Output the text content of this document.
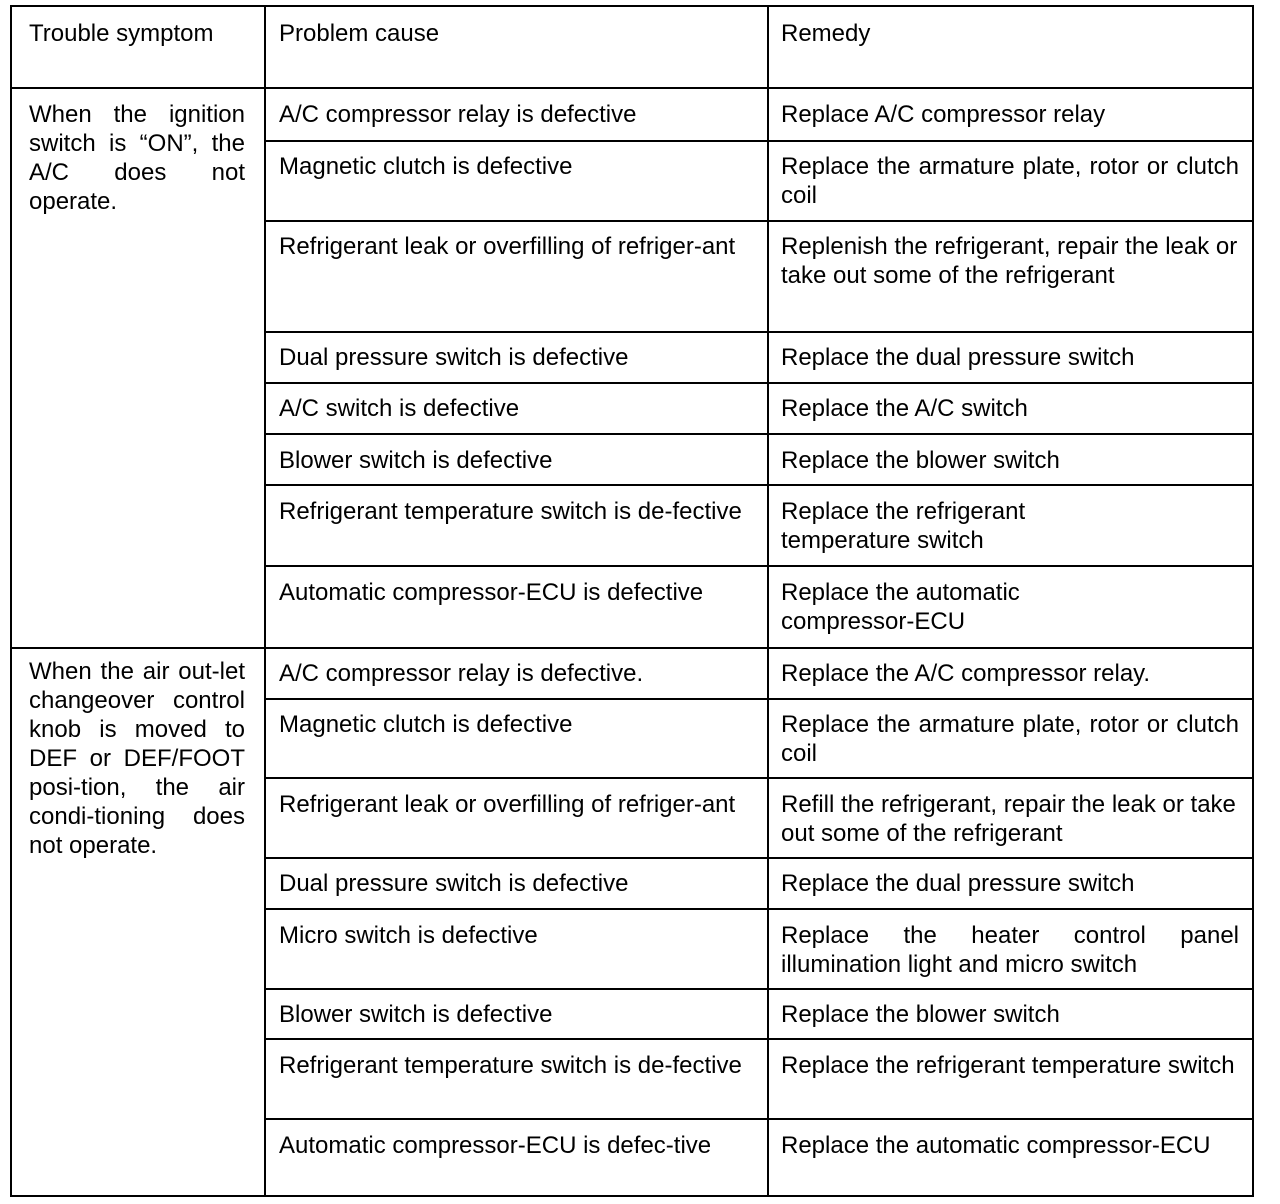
Trouble symptom	Problem cause	Remedy
When the ignition switch is “ON”, the A/C does not operate.
A/C compressor relay is defective
Magnetic clutch is defective
Refrigerant leak or overfilling of refriger-ant
Dual pressure switch is defective
A/C switch is defective
Blower switch is defective
Refrigerant temperature switch is de-fective
Automatic compressor-ECU is defective
Replace A/C compressor relay
Replace the armature plate, rotor or clutch coil
Replenish the refrigerant, repair the leak or take out some of the refrigerant
Replace the dual pressure switch
Replace the A/C switch
Replace the blower switch
Replace the refrigerant temperature switch
Replace the automatic compressor-ECU
When the air out-let changeover control knob is moved to DEF or DEF/FOOT posi-tion, the air condi-tioning does not operate.
A/C compressor relay is defective.
Magnetic clutch is defective
Refrigerant leak or overfilling of refriger-ant
Dual pressure switch is defective
Micro switch is defective
Blower switch is defective
Refrigerant temperature switch is de-fective
Automatic compressor-ECU is defec-tive
Replace the A/C compressor relay.
Replace the armature plate, rotor or clutch coil
Refill the refrigerant, repair the leak or take out some of the refrigerant
Replace the dual pressure switch
Replace the heater control panel illumination light and micro switch
Replace the blower switch
Replace the refrigerant temperature switch
Replace the automatic compressor-ECU
